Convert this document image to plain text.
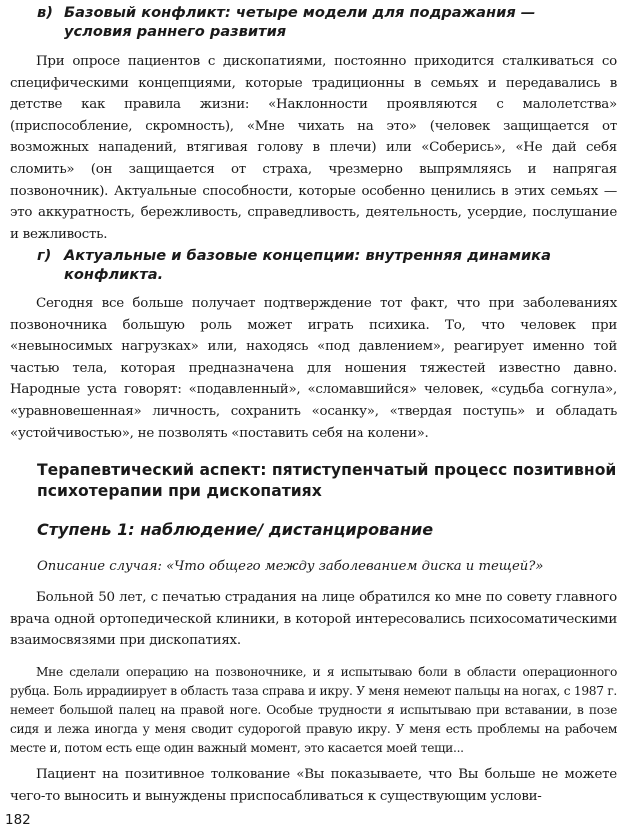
в) Базовый конфликт: четыре модели для подражания —
условия раннего развития

При опросе пациентов с дископатиями, постоянно приходится сталкиваться со специфическими концепциями, которые традиционны в семьях и передавались в детстве как правила жизни: «Наклонности проявляются с малолетства» (приспособление, скромность), «Мне чихать на это» (человек защищается от возможных нападений, втягивая голову в плечи) или «Соберись», «Не дай себя сломить» (он защищается от страха, чрезмерно выпрямляясь и напрягая позвоночник). Актуальные способности, которые особенно ценились в этих семьях — это аккуратность, бережливость, справедливость, деятельность, усердие, послушание и вежливость.

г) Актуальные и базовые концепции: внутренняя динамика
конфликта.

Сегодня все больше получает подтверждение тот факт, что при заболеваниях позвоночника большую роль может играть психика. То, что человек при «невыносимых нагрузках» или, находясь «под давлением», реагирует именно той частью тела, которая предназначена для ношения тяжестей известно давно. Народные уста говорят: «подавленный», «сломавшийся» человек, «судьба согнула», «уравновешенная» личность, сохранить «осанку», «твердая поступь» и обладать «устойчивостью», не позволять «поставить себя на колени».

Терапевтический аспект: пятиступенчатый процесс позитивной
психотерапии при дископатиях
Ступень 1: наблюдение/ дистанцирование

Описание случая: «Что общего между заболеванием диска и тещей?»

Больной 50 лет, с печатью страдания на лице обратился ко мне по совету главного врача одной ортопедической клиники, в которой интересовались психосоматическими взаимосвязями при дископатиях.

Мне сделали операцию на позвоночнике, и я испытываю боли в области операционного рубца. Боль иррадиирует в область таза справа и икру. У меня немеют пальцы на ногах, с 1987 г. немеет большой палец на правой ноге. Особые трудности я испытываю при вставании, в позе сидя и лежа иногда у меня сводит судорогой правую икру. У меня есть проблемы на рабочем месте и, потом есть еще один важный момент, это касается моей тещи...

Пациент на позитивное толкование «Вы показываете, что Вы больше не можете чего-то выносить и вынуждены приспосабливаться к существующим услови-

182
